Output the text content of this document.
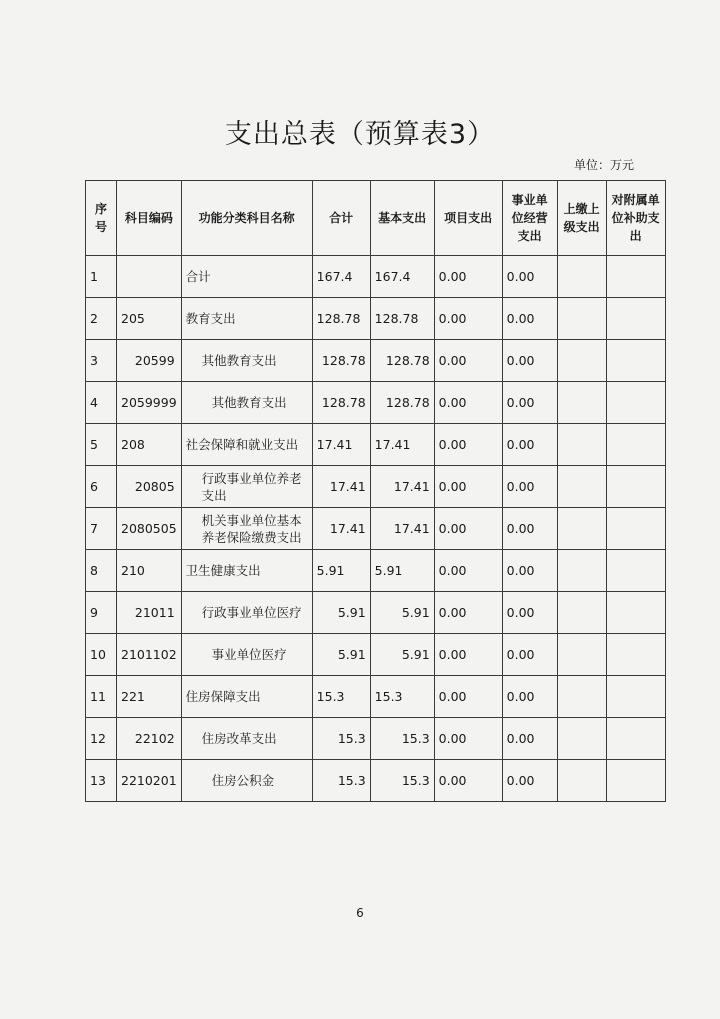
支出总表（预算表3）
单位：万元
序号	科目编码	功能分类科目名称	合计	基本支出	项目支出	事业单位经营支出	上缴上级支出	对附属单位补助支出
1		合计	167.4	167.4	0.00	0.00		
2	205	教育支出	128.78	128.78	0.00	0.00		
3	20599	其他教育支出	128.78	128.78	0.00	0.00		
4	2059999	其他教育支出	128.78	128.78	0.00	0.00		
5	208	社会保障和就业支出	17.41	17.41	0.00	0.00		
6	20805	行政事业单位养老支出	17.41	17.41	0.00	0.00		
7	2080505	机关事业单位基本养老保险缴费支出	17.41	17.41	0.00	0.00		
8	210	卫生健康支出	5.91	5.91	0.00	0.00		
9	21011	行政事业单位医疗	5.91	5.91	0.00	0.00		
10	2101102	事业单位医疗	5.91	5.91	0.00	0.00		
11	221	住房保障支出	15.3	15.3	0.00	0.00		
12	22102	住房改革支出	15.3	15.3	0.00	0.00		
13	2210201	住房公积金	15.3	15.3	0.00	0.00		
6
